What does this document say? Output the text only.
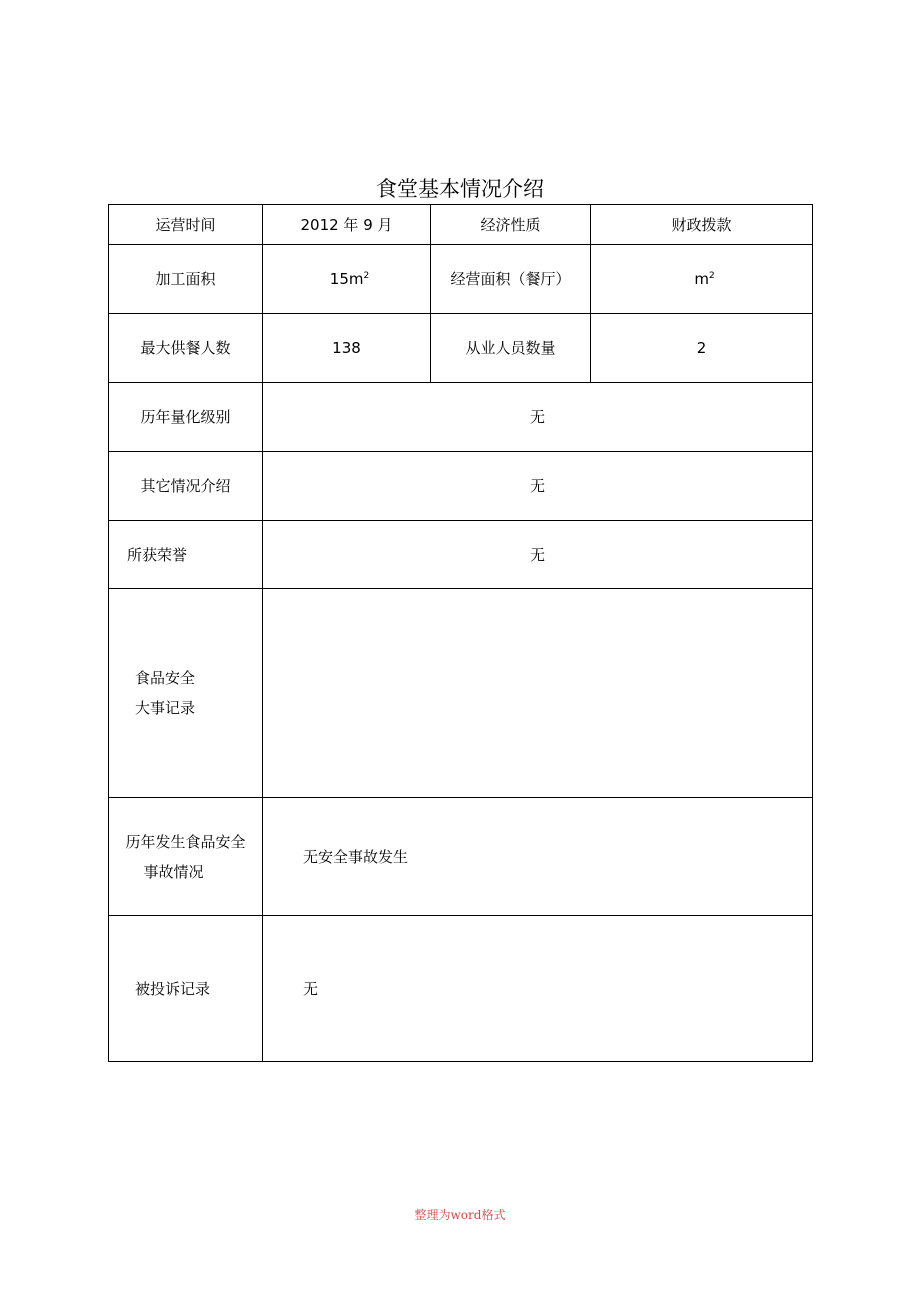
食堂基本情况介绍
运营时间	2012 年 9 月	经济性质	财政拨款
加工面积	$15m^2$	经营面积（餐厅）	$m^2$
最大供餐人数	138	从业人员数量	2
历年量化级别	无		
其它情况介绍	无		
所获荣誉	无		

食品安全
大事记录			

历年发生食品安全
事故情况	无安全事故发生		
被投诉记录	无		
整理为word格式
